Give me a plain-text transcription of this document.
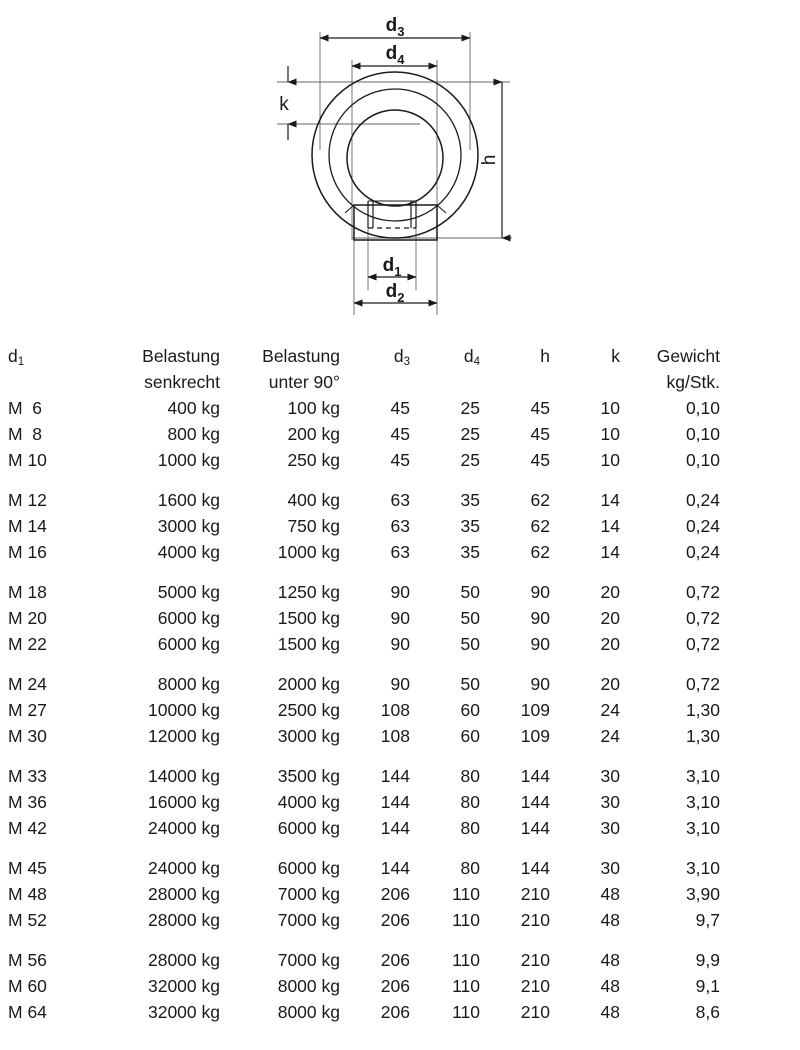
$d_3$
$d_4$
k
h
$d_1$
$d_2$
$d_1$	Belastung	Belastung	$d_3$	$d_4$	h	k	Gewicht
	senkrecht	unter 90°					kg/Stk.
M  6	400 kg	100 kg	45	25	45	10	0,10
M  8	800 kg	200 kg	45	25	45	10	0,10
M 10	1000 kg	250 kg	45	25	45	10	0,10
M 12	1600 kg	400 kg	63	35	62	14	0,24
M 14	3000 kg	750 kg	63	35	62	14	0,24
M 16	4000 kg	1000 kg	63	35	62	14	0,24
M 18	5000 kg	1250 kg	90	50	90	20	0,72
M 20	6000 kg	1500 kg	90	50	90	20	0,72
M 22	6000 kg	1500 kg	90	50	90	20	0,72
M 24	8000 kg	2000 kg	90	50	90	20	0,72
M 27	10000 kg	2500 kg	108	60	109	24	1,30
M 30	12000 kg	3000 kg	108	60	109	24	1,30
M 33	14000 kg	3500 kg	144	80	144	30	3,10
M 36	16000 kg	4000 kg	144	80	144	30	3,10
M 42	24000 kg	6000 kg	144	80	144	30	3,10
M 45	24000 kg	6000 kg	144	80	144	30	3,10
M 48	28000 kg	7000 kg	206	110	210	48	3,90
M 52	28000 kg	7000 kg	206	110	210	48	9,7
M 56	28000 kg	7000 kg	206	110	210	48	9,9
M 60	32000 kg	8000 kg	206	110	210	48	9,1
M 64	32000 kg	8000 kg	206	110	210	48	8,6
